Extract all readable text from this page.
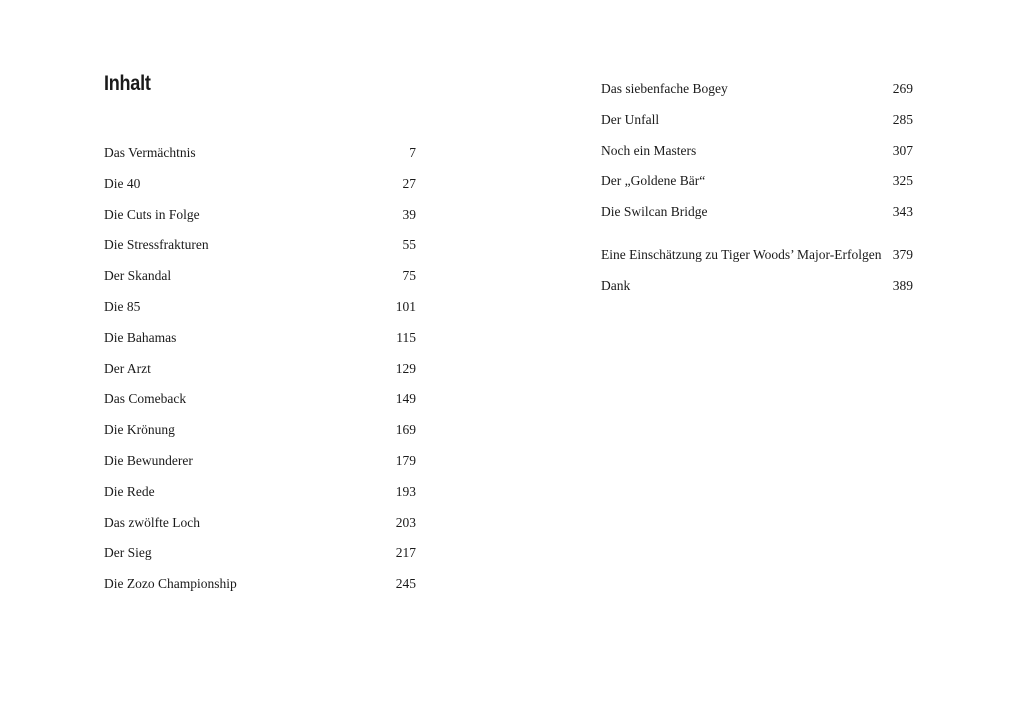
Inhalt
Das Vermächtnis	7
Die 40	27
Die Cuts in Folge	39
Die Stressfrakturen	55
Der Skandal	75
Die 85	101
Die Bahamas	115
Der Arzt	129
Das Comeback	149
Die Krönung	169
Die Bewunderer	179
Die Rede	193
Das zwölfte Loch	203
Der Sieg	217
Die Zozo Championship	245
Das siebenfache Bogey	269
Der Unfall	285
Noch ein Masters	307
Der „Goldene Bär“	325
Die Swilcan Bridge	343
Eine Einschätzung zu Tiger Woods’ Major-Erfolgen 379
Dank	389
